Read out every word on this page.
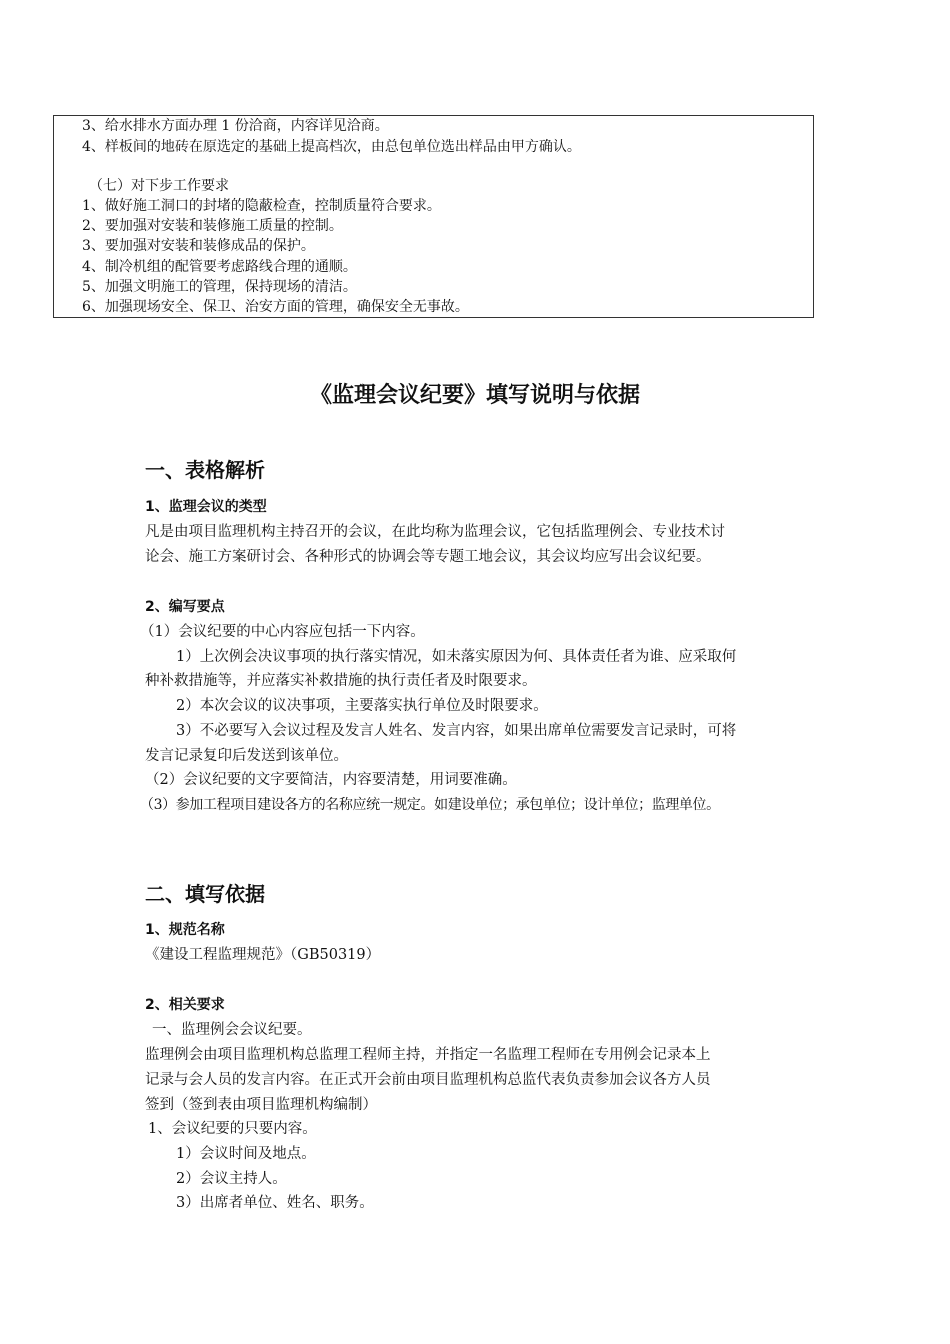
3、给水排水方面办理 1 份洽商，内容详见洽商。
4、样板间的地砖在原选定的基础上提高档次，由总包单位选出样品由甲方确认。
（七）对下步工作要求
1、做好施工洞口的封堵的隐蔽检查，控制质量符合要求。
2、要加强对安装和装修施工质量的控制。
3、要加强对安装和装修成品的保护。
4、制冷机组的配管要考虑路线合理的通顺。
5、加强文明施工的管理，保持现场的清洁。
6、加强现场安全、保卫、治安方面的管理，确保安全无事故。
《监理会议纪要》填写说明与依据
一、表格解析
1、监理会议的类型
凡是由项目监理机构主持召开的会议，在此均称为监理会议，它包括监理例会、专业技术讨
论会、施工方案研讨会、各种形式的协调会等专题工地会议，其会议均应写出会议纪要。
2、编写要点
（1）会议纪要的中心内容应包括一下内容。
1）上次例会决议事项的执行落实情况，如未落实原因为何、具体责任者为谁、应采取何
种补救措施等，并应落实补救措施的执行责任者及时限要求。
2）本次会议的议决事项，主要落实执行单位及时限要求。
3）不必要写入会议过程及发言人姓名、发言内容，如果出席单位需要发言记录时，可将
发言记录复印后发送到该单位。
（2）会议纪要的文字要简洁，内容要清楚，用词要准确。
（3）参加工程项目建设各方的名称应统一规定。如建设单位；承包单位；设计单位；监理单位。
二、填写依据
1、规范名称
《建设工程监理规范》（GB50319）
2、相关要求
一、监理例会会议纪要。
监理例会由项目监理机构总监理工程师主持，并指定一名监理工程师在专用例会记录本上
记录与会人员的发言内容。在正式开会前由项目监理机构总监代表负责参加会议各方人员
签到（签到表由项目监理机构编制）
1、会议纪要的只要内容。
1）会议时间及地点。
2）会议主持人。
3）出席者单位、姓名、职务。
